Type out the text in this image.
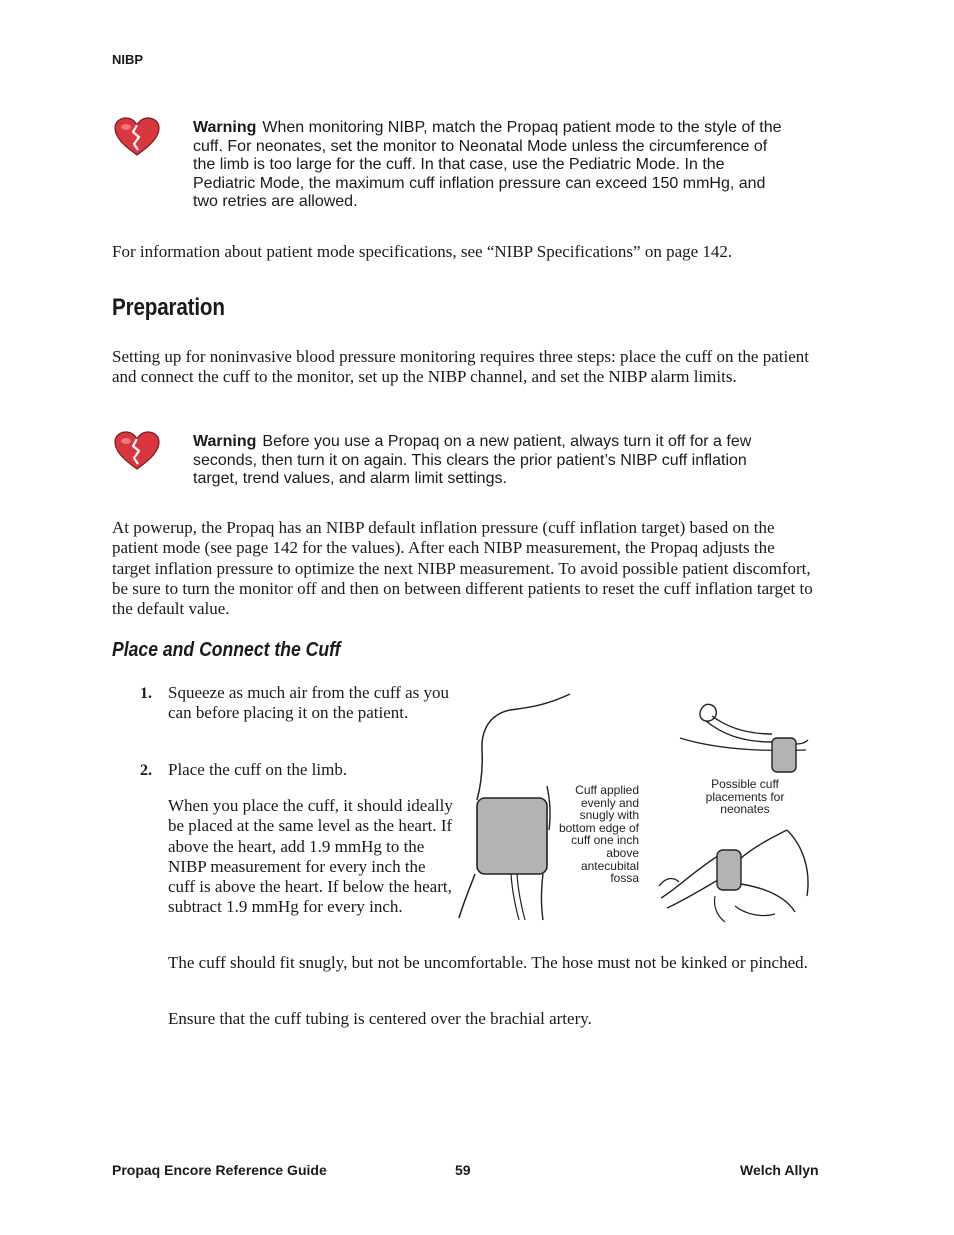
NIBP
Warning When monitoring NIBP, match the Propaq patient mode to the style of the cuff. For neonates, set the monitor to Neonatal Mode unless the circumference of the limb is too large for the cuff. In that case, use the Pediatric Mode. In the Pediatric Mode, the maximum cuff inflation pressure can exceed 150 mmHg, and two retries are allowed.
For information about patient mode specifications, see “NIBP Specifications” on page 142.
Preparation
Setting up for noninvasive blood pressure monitoring requires three steps: place the cuff on the patient and connect the cuff to the monitor, set up the NIBP channel, and set the NIBP alarm limits.
Warning Before you use a Propaq on a new patient, always turn it off for a few seconds, then turn it on again. This clears the prior patient’s NIBP cuff inflation target, trend values, and alarm limit settings.
At powerup, the Propaq has an NIBP default inflation pressure (cuff inflation target) based on the patient mode (see page 142 for the values). After each NIBP measurement, the Propaq adjusts the target inflation pressure to optimize the next NIBP measurement. To avoid possible patient discomfort, be sure to turn the monitor off and then on between different patients to reset the cuff inflation target to the default value.
Place and Connect the Cuff
1. Squeeze as much air from the cuff as you can before placing it on the patient.
2. Place the cuff on the limb.
When you place the cuff, it should ideally be placed at the same level as the heart. If above the heart, add 1.9 mmHg to the NIBP measurement for every inch the cuff is above the heart. If below the heart, subtract 1.9 mmHg for every inch.
Cuff applied evenly and snugly with bottom edge of cuff one inch above antecubital fossa
Possible cuff placements for neonates
The cuff should fit snugly, but not be uncomfortable. The hose must not be kinked or pinched.
Ensure that the cuff tubing is centered over the brachial artery.
Propaq Encore Reference Guide	59	Welch Allyn
